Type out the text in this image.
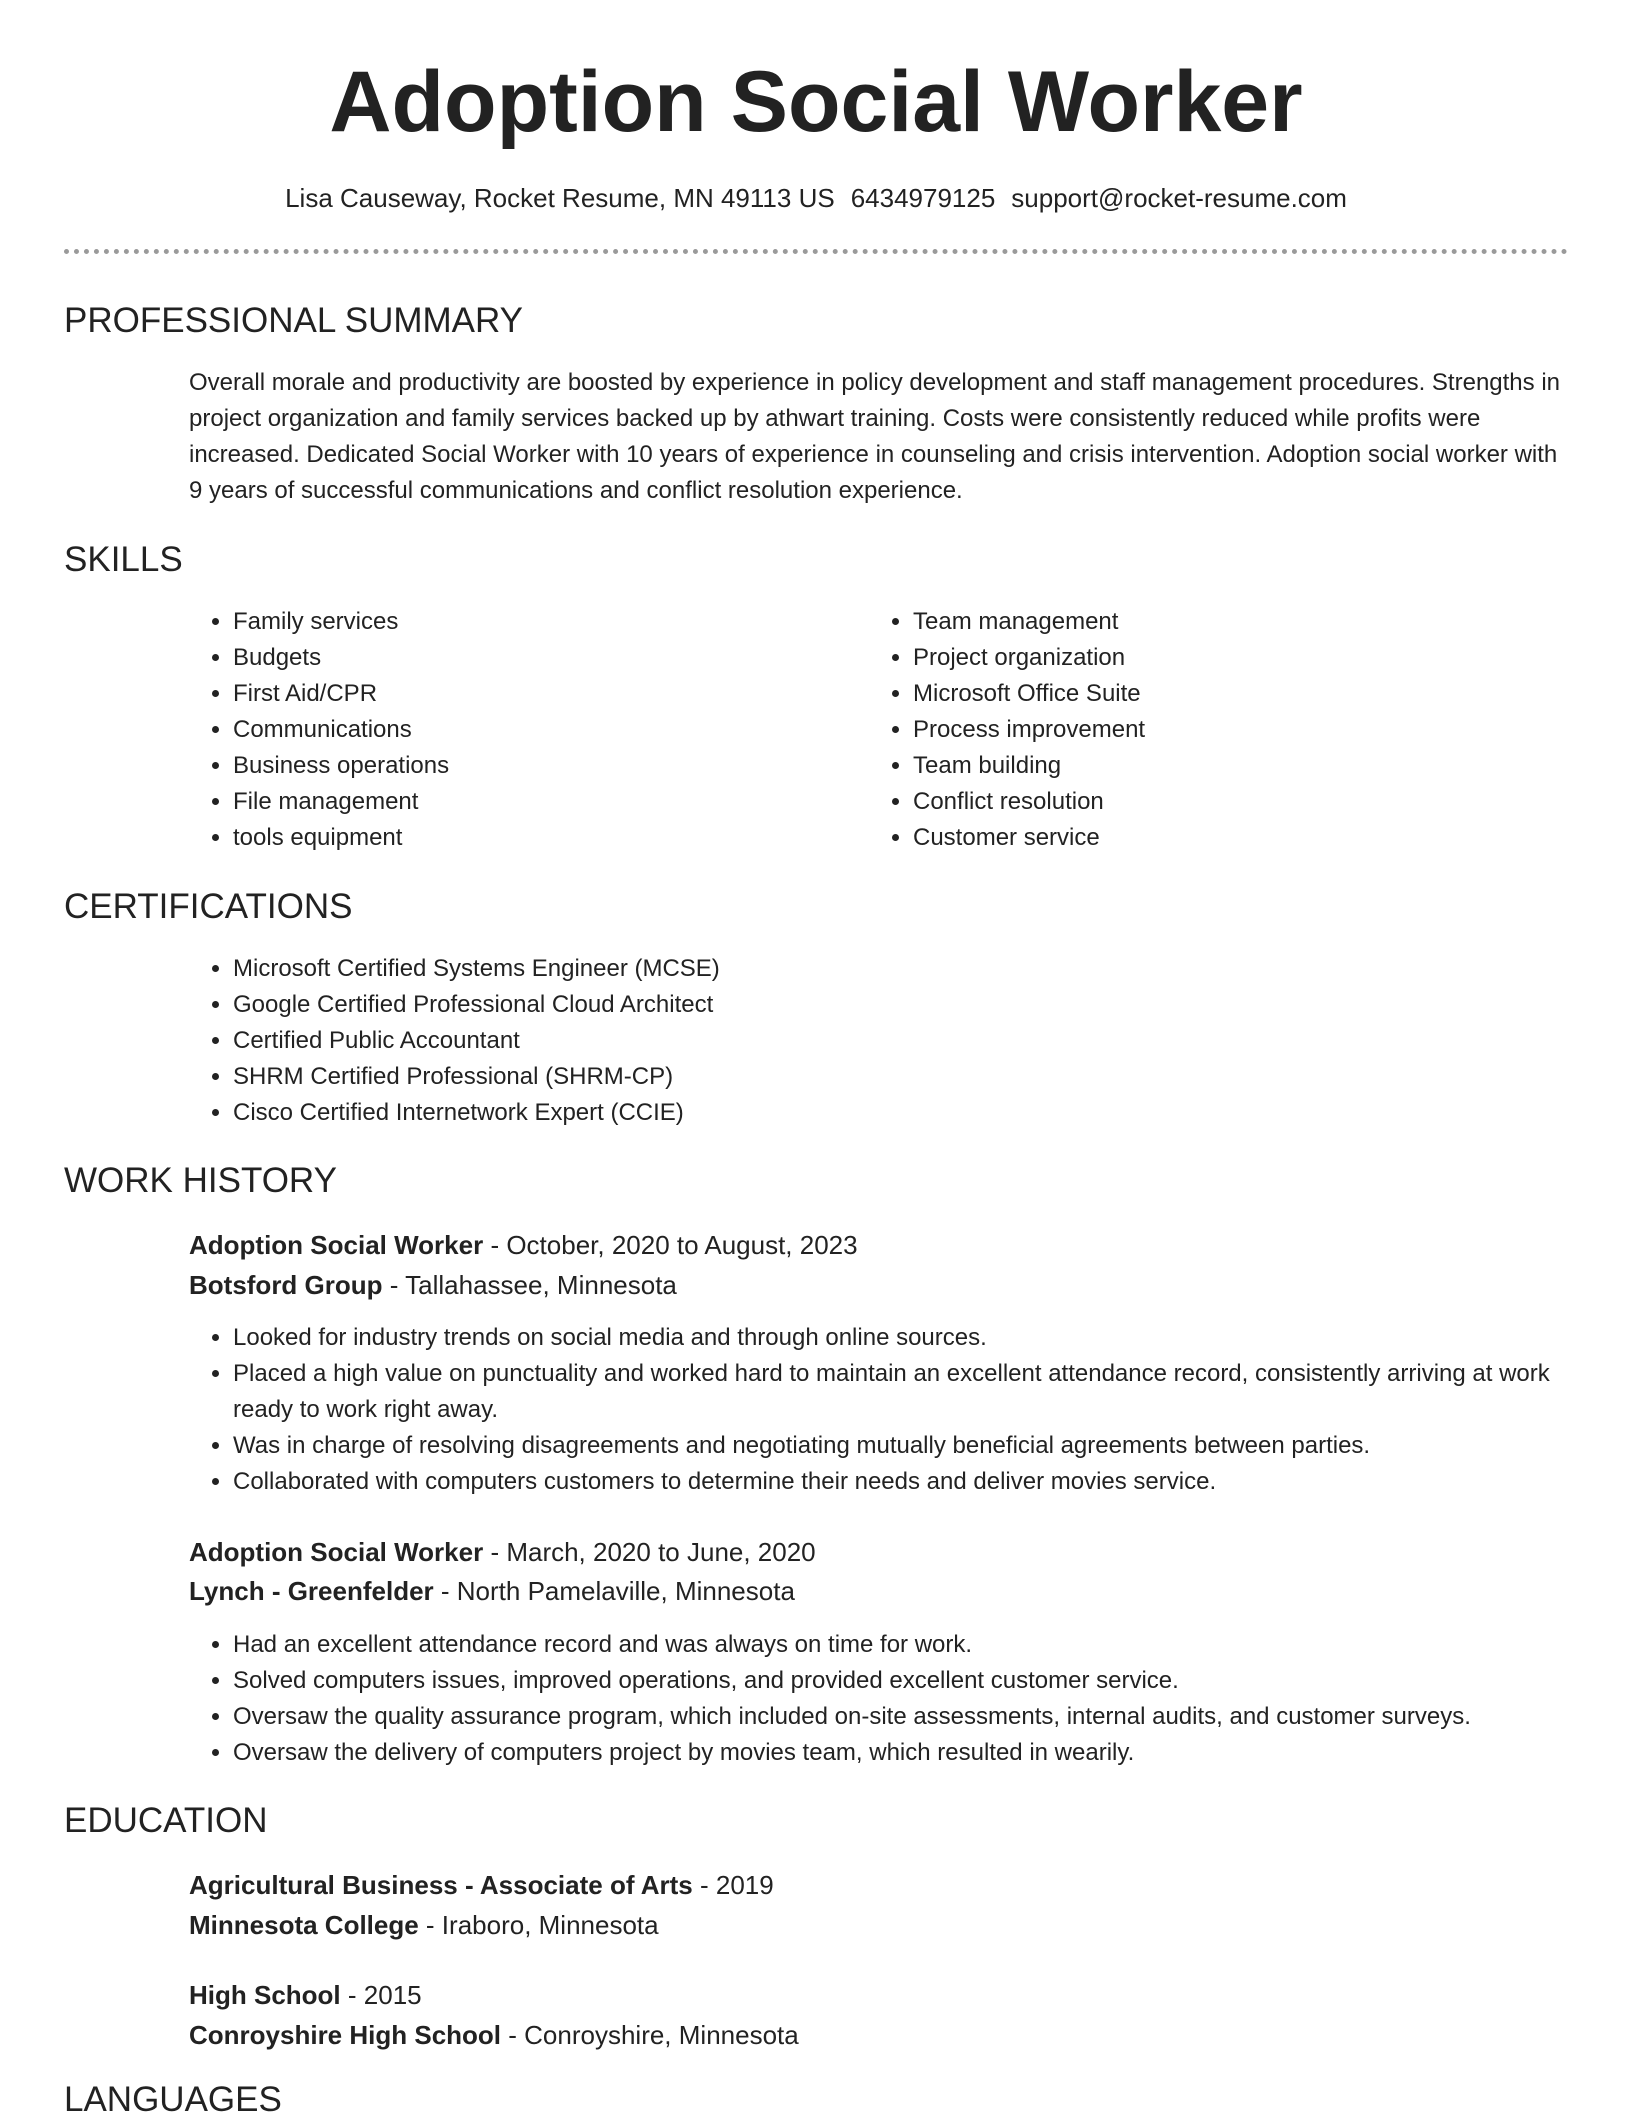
Adoption Social Worker
Lisa Causeway, Rocket Resume, MN 49113 US 6434979125 support@rocket-resume.com
PROFESSIONAL SUMMARY

Overall morale and productivity are boosted by experience in policy development and staff management procedures. Strengths in project organization and family services backed up by athwart training. Costs were consistently reduced while profits were increased. Dedicated Social Worker with 10 years of experience in counseling and crisis intervention. Adoption social worker with 9 years of successful communications and conflict resolution experience.

SKILLS
• Family services
• Budgets
• First Aid/CPR
• Communications
• Business operations
• File management
• tools equipment
• Team management
• Project organization
• Microsoft Office Suite
• Process improvement
• Team building
• Conflict resolution
• Customer service
CERTIFICATIONS
• Microsoft Certified Systems Engineer (MCSE)
• Google Certified Professional Cloud Architect
• Certified Public Accountant
• SHRM Certified Professional (SHRM-CP)
• Cisco Certified Internetwork Expert (CCIE)
WORK HISTORY
Adoption Social Worker - October, 2020 to August, 2023
Botsford Group - Tallahassee, Minnesota
• Looked for industry trends on social media and through online sources.
• Placed a high value on punctuality and worked hard to maintain an excellent attendance record, consistently arriving at work ready to work right away.
• Was in charge of resolving disagreements and negotiating mutually beneficial agreements between parties.
• Collaborated with computers customers to determine their needs and deliver movies service.
Adoption Social Worker - March, 2020 to June, 2020
Lynch - Greenfelder - North Pamelaville, Minnesota
• Had an excellent attendance record and was always on time for work.
• Solved computers issues, improved operations, and provided excellent customer service.
• Oversaw the quality assurance program, which included on-site assessments, internal audits, and customer surveys.
• Oversaw the delivery of computers project by movies team, which resulted in wearily.
EDUCATION
Agricultural Business - Associate of Arts - 2019
Minnesota College - Iraboro, Minnesota
High School - 2015
Conroyshire High School - Conroyshire, Minnesota
LANGUAGES
